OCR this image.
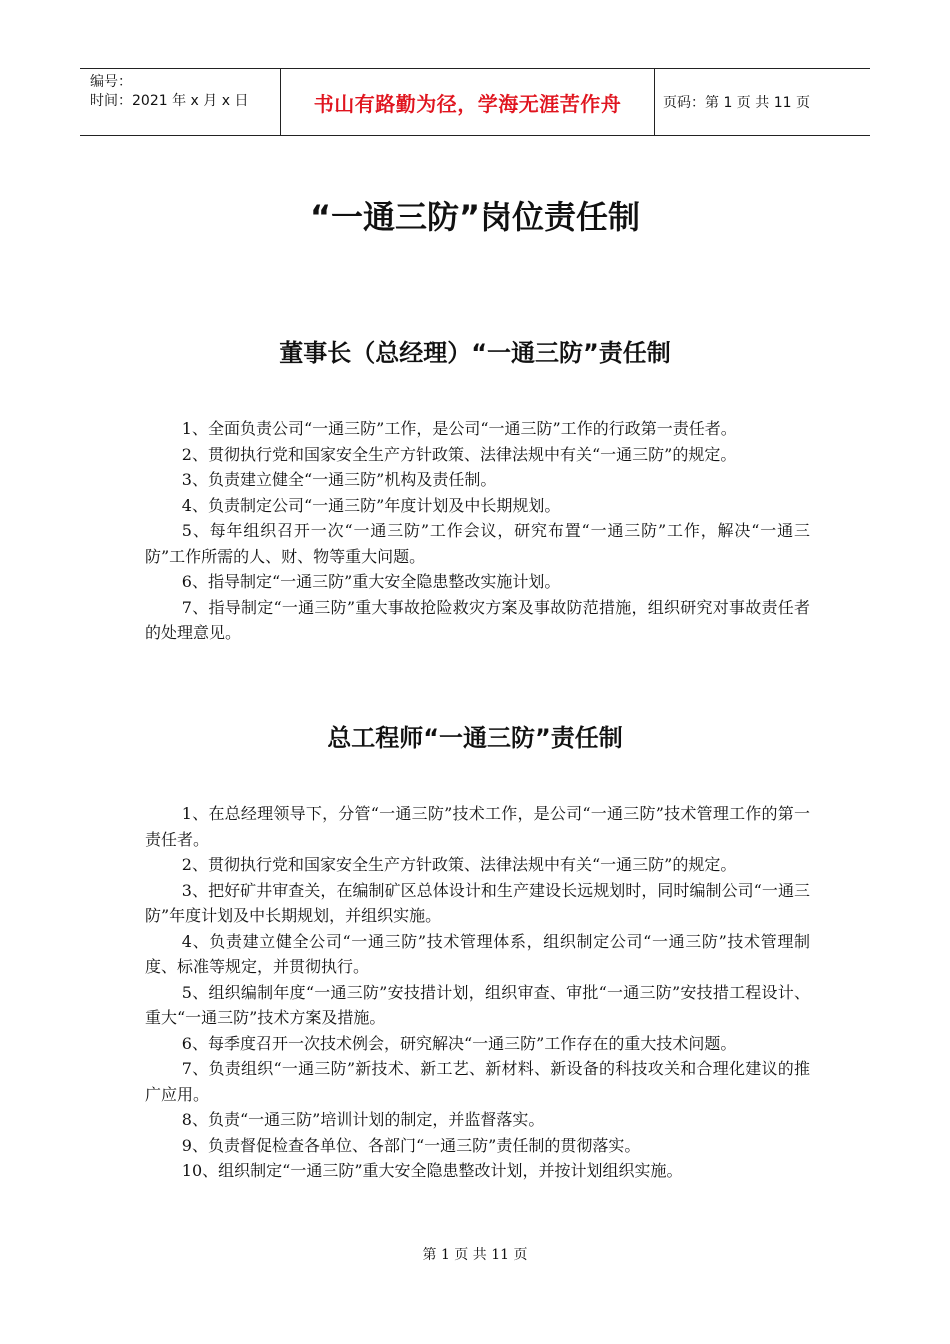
编号：
时间：2021 年 x 月 x 日	书山有路勤为径，学海无涯苦作舟	页码：第 1 页 共 11 页
“一通三防”岗位责任制
董事长（总经理）“一通三防”责任制

1、全面负责公司“一通三防”工作，是公司“一通三防”工作的行政第一责任者。

2、贯彻执行党和国家安全生产方针政策、法律法规中有关“一通三防”的规定。

3、负责建立健全“一通三防”机构及责任制。

4、负责制定公司“一通三防”年度计划及中长期规划。

5、每年组织召开一次“一通三防”工作会议，研究布置“一通三防”工作，解决“一通三防”工作所需的人、财、物等重大问题。

6、指导制定“一通三防”重大安全隐患整改实施计划。

7、指导制定“一通三防”重大事故抢险救灾方案及事故防范措施，组织研究对事故责任者的处理意见。

总工程师“一通三防”责任制

1、在总经理领导下，分管“一通三防”技术工作，是公司“一通三防”技术管理工作的第一责任者。

2、贯彻执行党和国家安全生产方针政策、法律法规中有关“一通三防”的规定。

3、把好矿井审查关，在编制矿区总体设计和生产建设长远规划时，同时编制公司“一通三防”年度计划及中长期规划，并组织实施。

4、负责建立健全公司“一通三防”技术管理体系，组织制定公司“一通三防”技术管理制度、标准等规定，并贯彻执行。

5、组织编制年度“一通三防”安技措计划，组织审查、审批“一通三防”安技措工程设计、重大“一通三防”技术方案及措施。

6、每季度召开一次技术例会，研究解决“一通三防”工作存在的重大技术问题。

7、负责组织“一通三防”新技术、新工艺、新材料、新设备的科技攻关和合理化建议的推广应用。

8、负责“一通三防”培训计划的制定，并监督落实。

9、负责督促检查各单位、各部门“一通三防”责任制的贯彻落实。

10、组织制定“一通三防”重大安全隐患整改计划，并按计划组织实施。

第 1 页 共 11 页
